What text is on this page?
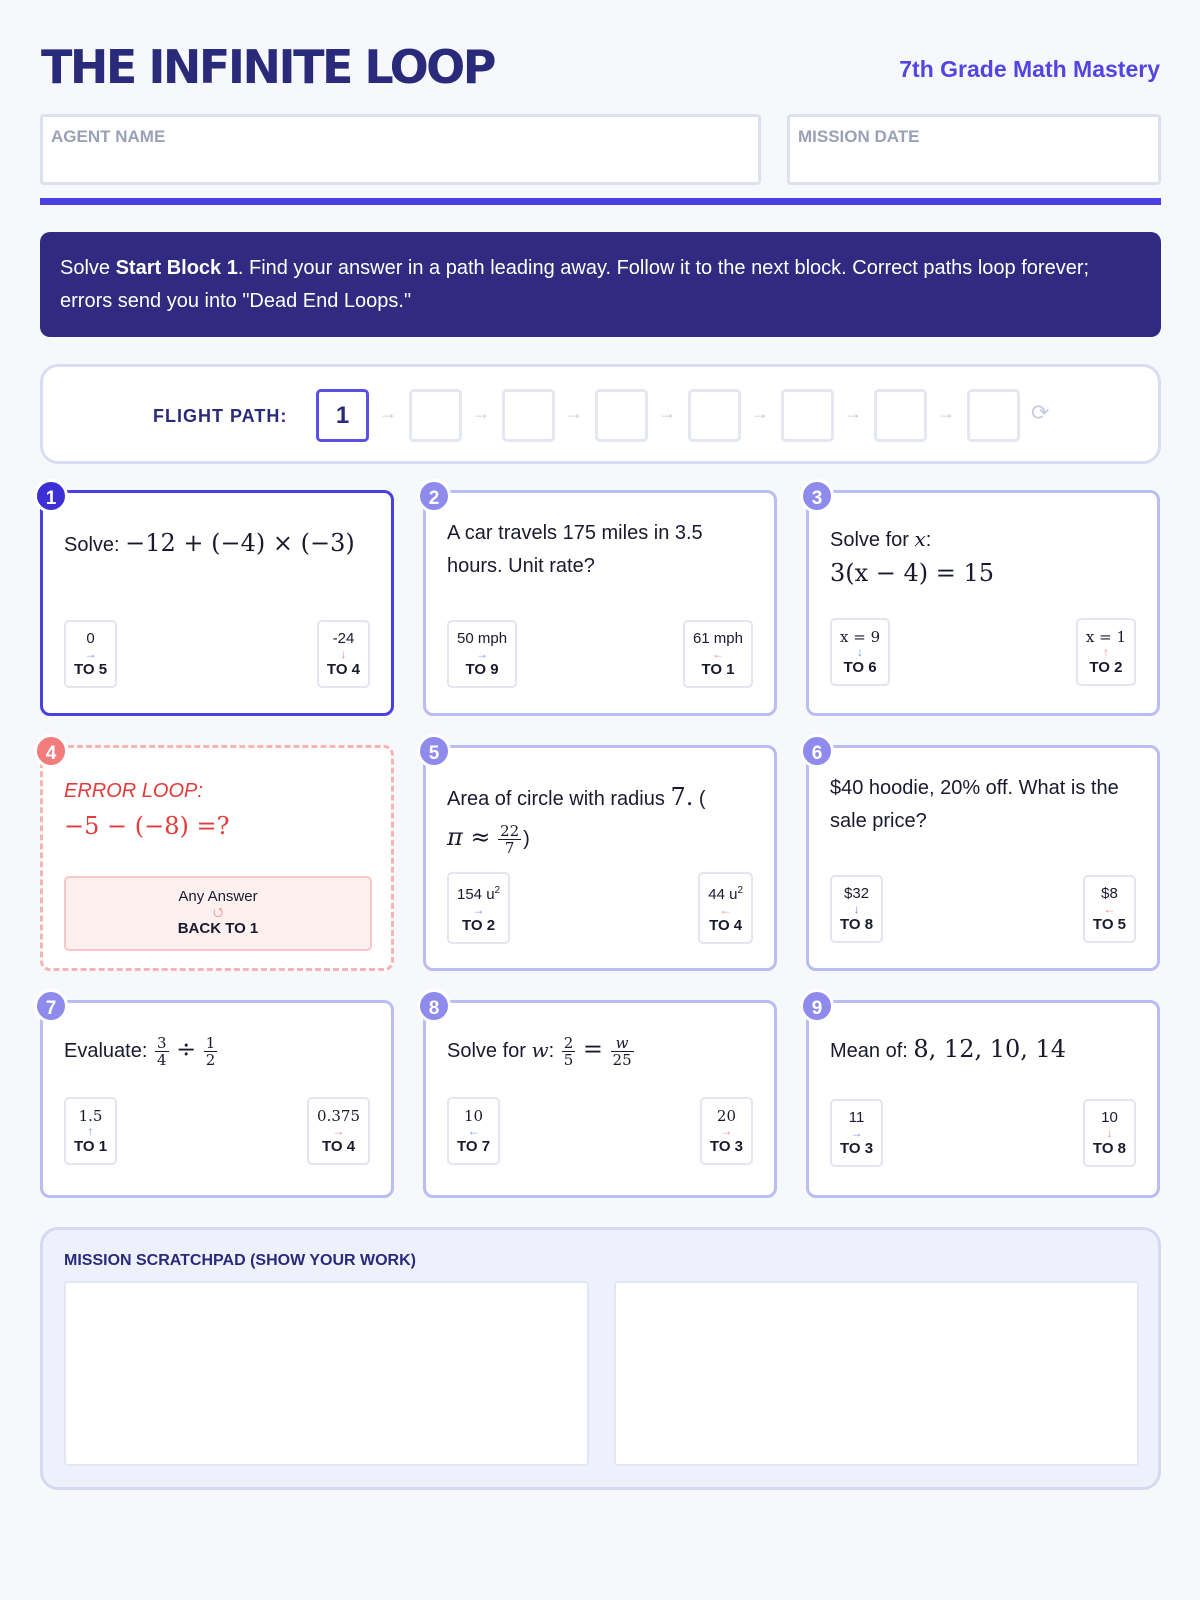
THE INFINITE LOOP	7th Grade Math Mastery
AGENT NAME	MISSION DATE
Solve Start Block 1. Find your answer in a path leading away. Follow it to the next block. Correct paths loop forever; errors send you into "Dead End Loops."
FLIGHT PATH:	1	→	→	→	→	→	→	→	⟳
1
Solve: −12 + (−4) × (−3)
0
→
TO 5
-24
↓
TO 4
2
A car travels 175 miles in 3.5 hours. Unit rate?
50 mph
→
TO 9
61 mph
←
TO 1
3
Solve for x:
3(x − 4) = 15
x = 9
↓
TO 6
x = 1
↑
TO 2
4
ERROR LOOP:
−5 − (−8) =?
Any Answer
⭯
BACK TO 1
5
Area of circle with radius 7. (
$\pi \approx \frac{22}{7}$ )
154 $u^2$
→
TO 2
44 $u^2$
←
TO 4
6
$40 hoodie, 20% off. What is the sale price?
$32
↓
TO 8
$8
←
TO 5
7
Evaluate: $\frac{3}{4} \div \frac{1}{2}$
1.5
↑
TO 1
0.375
→
TO 4
8
Solve for w: $\frac{2}{5} = \frac{w}{25}$
10
←
TO 7
20
→
TO 3
9
Mean of: 8, 12, 10, 14
11
→
TO 3
10
↓
TO 8
MISSION SCRATCHPAD (SHOW YOUR WORK)
